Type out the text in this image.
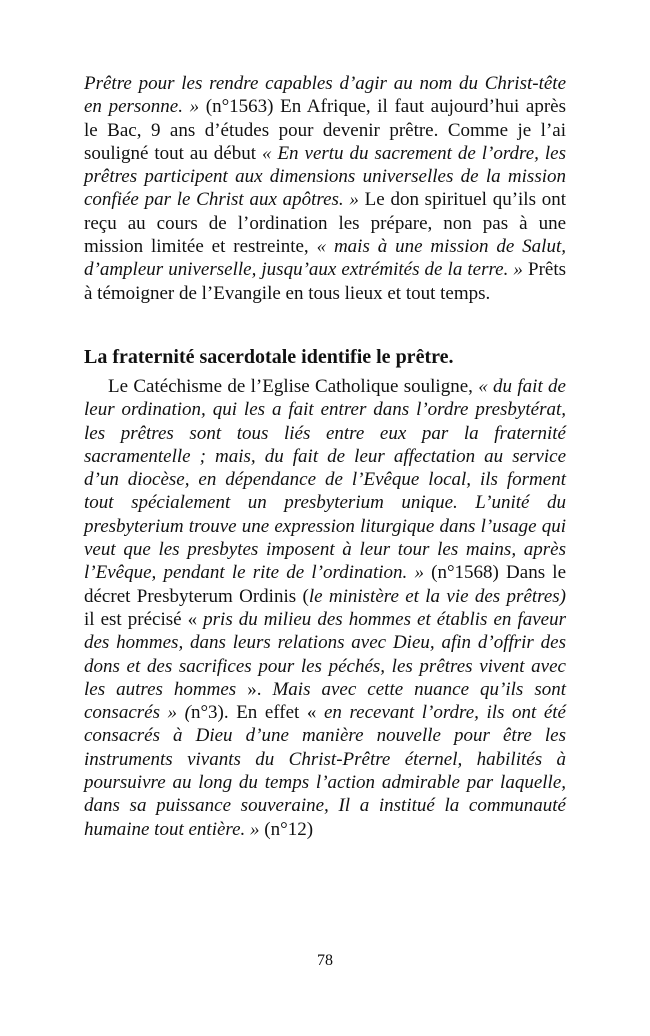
Prêtre pour les rendre capables d’agir au nom du Christ-tête en personne. » (n°1563) En Afrique, il faut aujourd’hui après le Bac, 9 ans d’études pour devenir prêtre. Comme je l’ai souligné tout au début « En vertu du sacrement de l’ordre, les prêtres participent aux dimensions universelles de la mission confiée par le Christ aux apôtres. » Le don spirituel qu’ils ont reçu au cours de l’ordination les prépare, non pas à une mission limitée et restreinte, « mais à une mission de Salut, d’ampleur universelle, jusqu’aux extrémités de la terre. » Prêts à témoigner de l’Evangile en tous lieux et tout temps.

La fraternité sacerdotale identifie le prêtre.

Le Catéchisme de l’Eglise Catholique souligne, « du fait de leur ordination, qui les a fait entrer dans l’ordre presbytérat, les prêtres sont tous liés entre eux par la fraternité sacramentelle ; mais, du fait de leur affectation au service d’un diocèse, en dépendance de l’Evêque local, ils forment tout spécialement un presbyterium unique. L’unité du presbyterium trouve une expression liturgique dans l’usage qui veut que les presbytes imposent à leur tour les mains, après l’Evêque, pendant le rite de l’ordination. » (n°1568) Dans le décret Presbyterum Ordinis (le ministère et la vie des prêtres) il est précisé « pris du milieu des hommes et établis en faveur des hommes, dans leurs relations avec Dieu, afin d’offrir des dons et des sacrifices pour les péchés, les prêtres vivent avec les autres hommes ». Mais avec cette nuance qu’ils sont consacrés » (n°3). En effet « en recevant l’ordre, ils ont été consacrés à Dieu d’une manière nouvelle pour être les instruments vivants du Christ-Prêtre éternel, habilités à poursuivre au long du temps l’action admirable par laquelle, dans sa puissance souveraine, Il a institué la communauté humaine tout entière. » (n°12)

78
